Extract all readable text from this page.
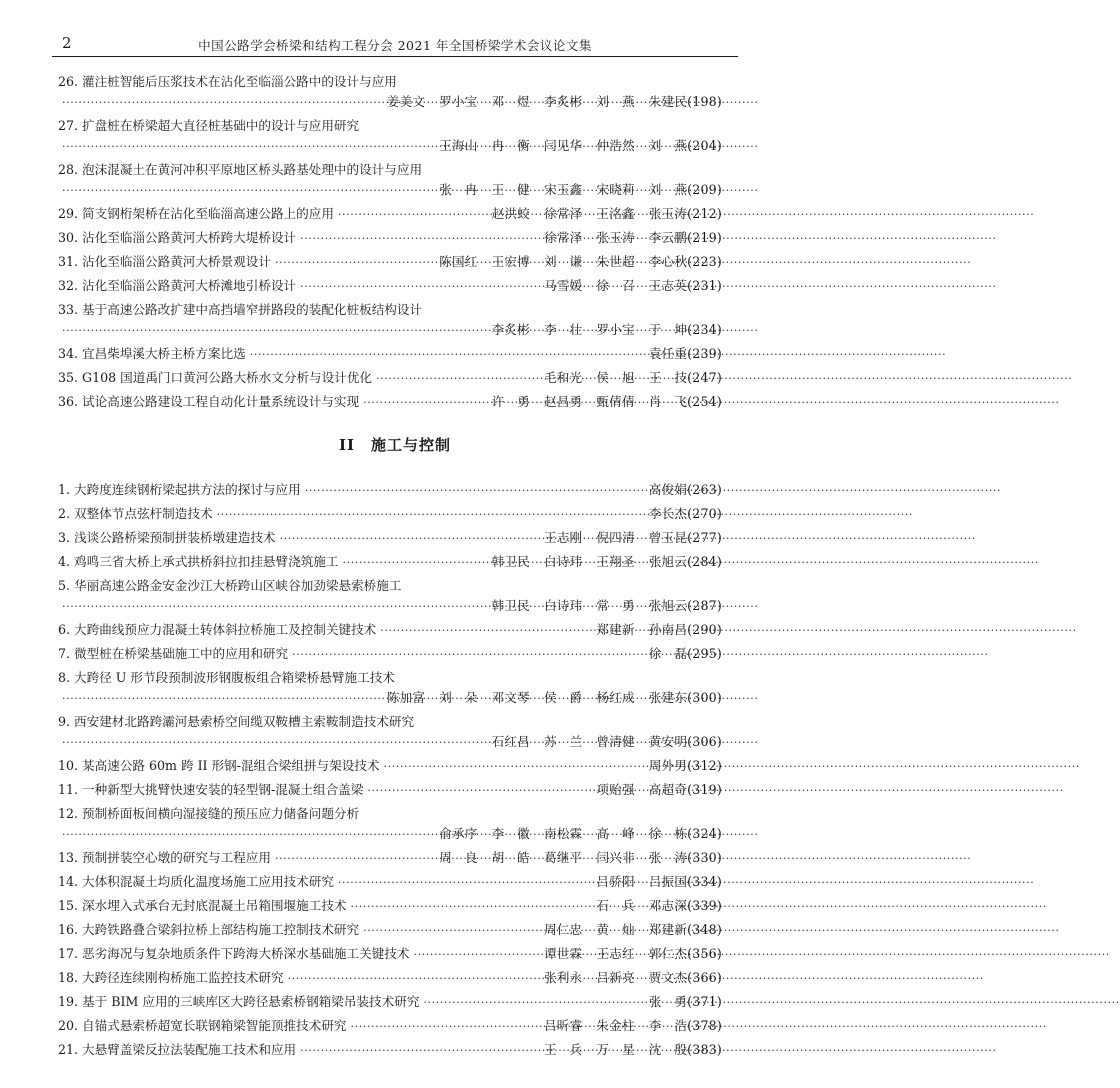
2	中国公路学会桥梁和结构工程分会 2021 年全国桥梁学术会议论文集
26. 灌注桩智能后压浆技术在沾化至临淄公路中的设计与应用
·····
姜美文 罗小宝 邓　煜 李炙彬 刘　燕 朱建民(198)
27. 扩盘桩在桥梁超大直径桩基础中的设计与应用研究
·····
王海山 冉　衡 闫见华 仲浩然 刘　燕(204)
28. 泡沫混凝土在黄河冲积平原地区桥头路基处理中的设计与应用
·····
张　冉 王　健 宋玉鑫 宋晓莉 刘　燕(209)
29. 简支钢桁架桥在沾化至临淄高速公路上的应用 ·····	赵洪蛟 徐常泽 王洺鑫 张玉涛(212)
30. 沾化至临淄公路黄河大桥跨大堤桥设计 ·····	徐常泽 张玉涛 李云鹏(219)
31. 沾化至临淄公路黄河大桥景观设计 ·····	陈国红 王宏博 刘　谦 朱世超 李心秋(223)
32. 沾化至临淄公路黄河大桥滩地引桥设计 ·····	马雪媛 徐　召 王志英(231)
33. 基于高速公路改扩建中高挡墙窄拼路段的装配化桩板结构设计
·····
李炙彬 李　壮 罗小宝 于　坤(234)
34. 宜昌柴埠溪大桥主桥方案比选 ·····	袁任重(239)
35. G108 国道禹门口黄河公路大桥水文分析与设计优化 ·····	毛和光 侯　旭 王　技(247)
36. 试论高速公路建设工程自动化计量系统设计与实现 ·····	许　勇 赵昌勇 甄倩倩 肖　飞(254)
II 施工与控制
1. 大跨度连续钢桁梁起拱方法的探讨与应用 ·····	高俊娟(263)
2. 双整体节点弦杆制造技术 ·····	李长杰(270)
3. 浅谈公路桥梁预制拼装桥墩建造技术 ·····	王志刚 倪四清 曾玉昆(277)
4. 鸡鸣三省大桥上承式拱桥斜拉扣挂悬臂浇筑施工 ·····	韩卫民 白诗玮 王翔圣 张旭云(284)
5. 华丽高速公路金安金沙江大桥跨山区峡谷加劲梁悬索桥施工
·····
韩卫民 白诗玮 常　勇 张旭云(287)
6. 大跨曲线预应力混凝土转体斜拉桥施工及控制关键技术 ·····	郑建新 孙南昌(290)
7. 微型桩在桥梁基础施工中的应用和研究 ·····	徐　磊(295)
8. 大跨径 U 形节段预制波形钢腹板组合箱梁桥悬臂施工技术
·····
陈加富 刘　朵 邓文琴 侯　爵 杨红成 张建东(300)
9. 西安建材北路跨灞河悬索桥空间缆双鞍槽主索鞍制造技术研究
·····
石红昌 苏　兰 曾清健 黄安明(306)
10. 某高速公路 60m 跨 II 形钢-混组合梁组拼与架设技术 ·····	周外男(312)
11. 一种新型大挑臂快速安装的轻型钢-混凝土组合盖梁 ·····	项贻强 高超奇(319)
12. 预制桥面板间横向湿接缝的预压应力储备问题分析
·····
俞承序 李　徽 南松霖 高　峰 徐　栋(324)
13. 预制拼装空心墩的研究与工程应用 ·····	周　良 胡　皓 葛继平 闫兴非 张　涛(330)
14. 大体积混凝土均质化温度场施工应用技术研究 ·····	吕骄阳 吕振国(334)
15. 深水埋入式承台无封底混凝土吊箱围堰施工技术 ·····	石　兵 邓志深(339)
16. 大跨铁路叠合梁斜拉桥上部结构施工控制技术研究 ·····	周仁忠 黄　灿 郑建新(348)
17. 恶劣海况与复杂地质条件下跨海大桥深水基础施工关键技术 ·····	谭世霖 王志红 郭仁杰(356)
18. 大跨径连续刚构桥施工监控技术研究 ·····	张利永 吕新亮 贾文杰(366)
19. 基于 BIM 应用的三峡库区大跨径悬索桥钢箱梁吊装技术研究 ·····	张　勇(371)
20. 自锚式悬索桥超宽长联钢箱梁智能顶推技术研究 ·····	吕昕睿 朱金柱 李　浩(378)
21. 大悬臂盖梁反拉法装配施工技术和应用 ·····	王　兵 万　星 沈　殷(383)
